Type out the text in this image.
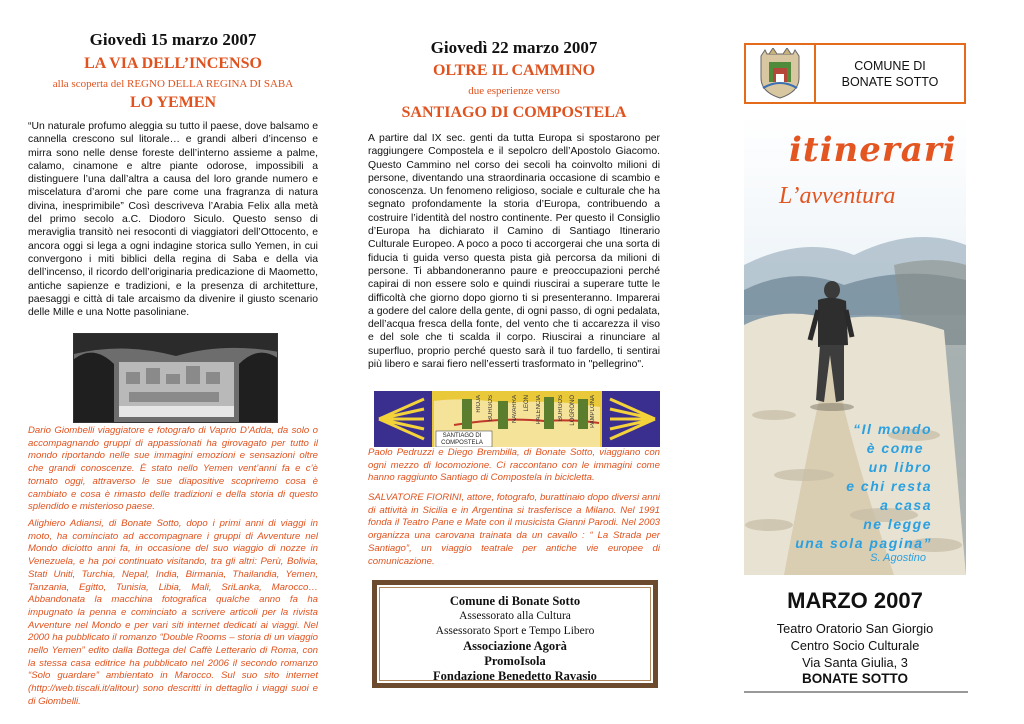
Giovedì 15 marzo 2007
LA VIA DELL’INCENSO
alla scoperta del REGNO DELLA REGINA DI SABA
LO YEMEN
“Un naturale profumo aleggia su tutto il paese, dove balsamo e cannella crescono sul litorale… e grandi alberi d’incenso e mirra sono nelle dense foreste dell’interno assieme a palme, calamo, cinamone e altre piante odorose, impossibili a distinguere l’una dall’altra a causa del loro grande numero e miscelatura d’aromi che pare come una fragranza di natura divina, inesprimibile” Così descriveva l’Arabia Felix alla metà del primo secolo a.C. Diodoro Siculo. Questo senso di meraviglia transitò nei resoconti di viaggiatori dell’Ottocento, e ancora oggi si lega a ogni indagine storica sullo Yemen, in cui convergono i miti biblici della regina di Saba e della via dell’incenso, il ricordo dell’originaria predicazione di Maometto, antiche sapienze e tradizioni, e la presenza di architetture, paesaggi e città di tale arcaismo da divenire il giusto scenario delle Mille e una Notte pasoliniane.
Dario Giombelli viaggiatore e fotografo di Vaprio D’Adda, da solo o accompagnando gruppi di appassionati ha girovagato per tutto il mondo riportando nelle sue immagini emozioni e sensazioni oltre che grandi conoscenze. È stato nello Yemen vent’anni fa e c’è tornato oggi, attraverso le sue diapositive scopriremo cosa è cambiato e cosa è rimasto delle tradizioni e della storia di questo splendido e misterioso paese.
Alighiero Adiansi, di Bonate Sotto, dopo i primi anni di viaggi in moto, ha cominciato ad accompagnare i gruppi di Avventure nel Mondo diciotto anni fa, in occasione del suo viaggio di nozze in Venezuela, e ha poi continuato visitando, tra gli altri: Perù, Bolivia, Stati Uniti, Turchia, Nepal, India, Birmania, Thailandia, Yemen, Tanzania, Egitto, Tunisia, Libia, Mali, SriLanka, Marocco… Abbandonata la macchina fotografica qualche anno fa ha impugnato la penna e cominciato a scrivere articoli per la rivista Avventure nel Mondo e per vari siti internet dedicati ai viaggi. Nel 2000 ha pubblicato il romanzo “Double Rooms – storia di un viaggio nello Yemen” edito dalla Bottega del Caffè Letterario di Roma, con la stessa casa editrice ha pubblicato nel 2006 il secondo romanzo “Solo guardare” ambientato in Marocco. Sul suo sito internet (http://web.tiscali.it/alitour) sono descritti in dettaglio i viaggi suoi e di Giombelli.
Giovedì 22 marzo 2007
OLTRE IL CAMMINO
due esperienze verso
SANTIAGO DI COMPOSTELA
A partire dal IX sec. genti da tutta Europa si spostarono per raggiungere Compostela e il sepolcro dell’Apostolo Giacomo. Questo Cammino nel corso dei secoli ha coinvolto milioni di persone, diventando una straordinaria occasione di scambio e conoscenza. Un fenomeno religioso, sociale e culturale che ha segnato profondamente la storia d’Europa, contribuendo a costruire l’identità del nostro continente. Per questo il Consiglio d’Europa ha dichiarato il Camino di Santiago Itinerario Culturale Europeo. A poco a poco ti accorgerai che una sorta di fiducia ti guida verso questa pista già percorsa da milioni di persone. Ti abbandoneranno paure e preoccupazioni perché capirai di non essere solo e quindi riuscirai a superare tutte le difficoltà che giorno dopo giorno ti si presenteranno. Imparerai a godere del calore della gente, di ogni passo, di ogni pedalata, dell’acqua fresca della fonte, del vento che ti accarezza il viso e del sole che ti scalda il corpo. Riuscirai a rinunciare al superfluo, proprio perché questo sarà il tuo fardello, ti sentirai più libero e sarai fiero nell’esserti trasformato in "pellegrino".
SANTIAGO DI COMPOSTELA
NAVARRA LEÓN	BURGOS LOGROÑO PAMPLONA
RIOJA BURGOS	PALENCIA
Paolo Pedruzzi e Diego Brembilla, di Bonate Sotto, viaggiano con ogni mezzo di locomozione. Ci raccontano con le immagini come hanno raggiunto Santiago di Compostela in bicicletta.
SALVATORE FIORINI, attore, fotografo, burattinaio dopo diversi anni di attività in Sicilia e in Argentina si trasferisce a Milano. Nel 1991 fonda il Teatro Pane e Mate con il musicista Gianni Parodi. Nel 2003 organizza una carovana trainata da un cavallo : “ La Strada per Santiago”, un viaggio teatrale per antiche vie europee di comunicazione.
Comune di Bonate Sotto
Assessorato alla Cultura
Assessorato Sport e Tempo Libero
Associazione Agorà
PromoIsola
Fondazione Benedetto Ravasio
COMUNE DI
BONATE SOTTO
itinerari
L’avventura
“Il mondo
è come
un libro
e chi resta
a casa
ne legge
una sola pagina”
S. Agostino
MARZO 2007
Teatro Oratorio San Giorgio
Centro Socio Culturale
Via Santa Giulia, 3
BONATE SOTTO
